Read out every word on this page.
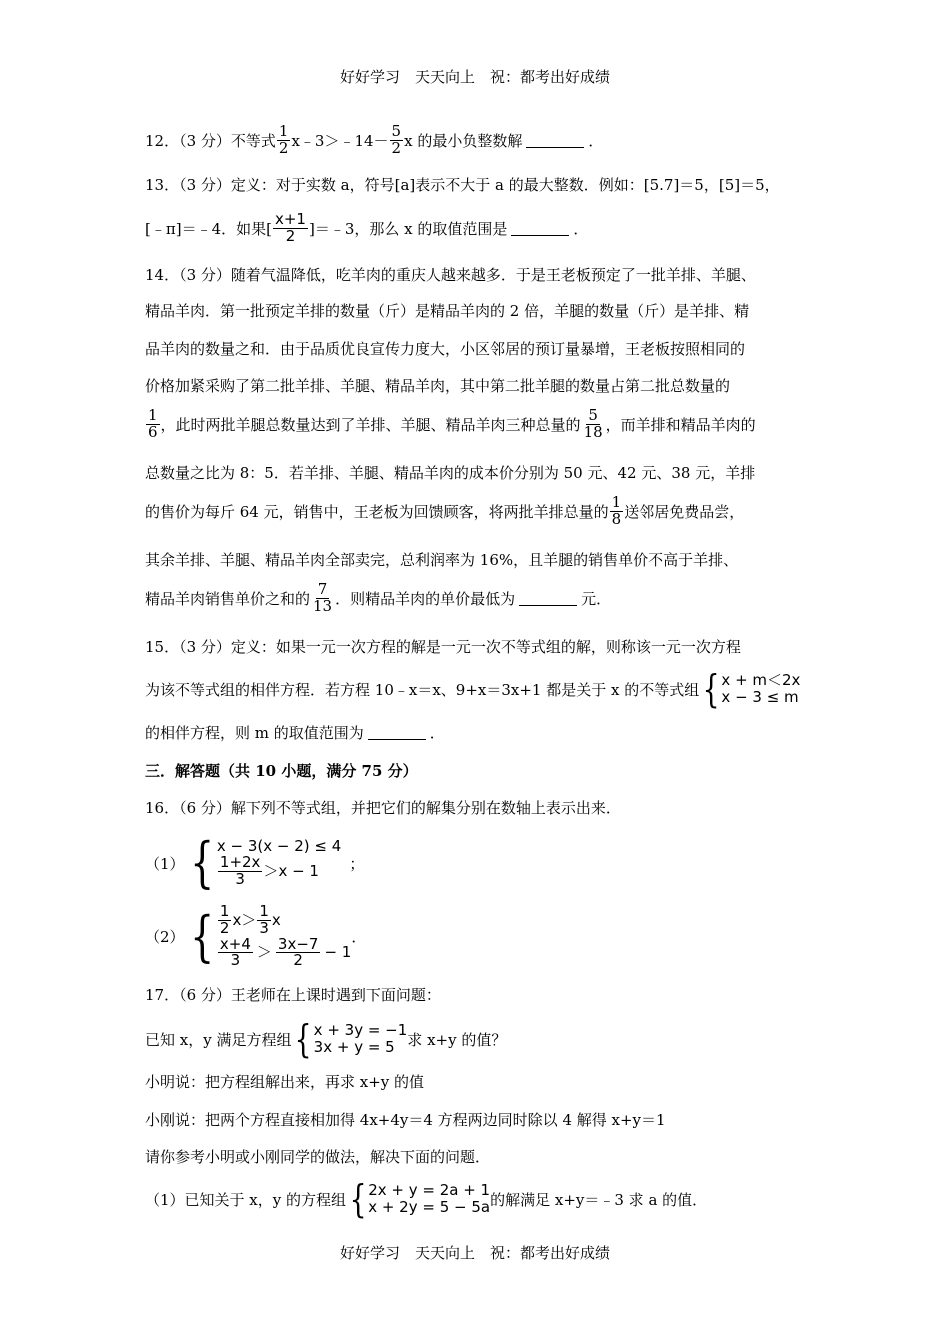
好好学习　天天向上　祝：都考出好成绩
12．（3 分）不等式 $\frac{1}{2}$ x﹣3＞﹣14－ $\frac{5}{2}$ x 的最小负整数解	．
13．（3 分）定义：对于实数 a，符号[a]表示不大于 a 的最大整数．例如：[5.7]＝5，[5]＝5，
[﹣π]＝﹣4．如果[ $\frac{x+1}{2}$ ]＝﹣3，那么 x 的取值范围是	．
14．（3 分）随着气温降低，吃羊肉的重庆人越来越多．于是王老板预定了一批羊排、羊腿、
精品羊肉．第一批预定羊排的数量（斤）是精品羊肉的 2 倍，羊腿的数量（斤）是羊排、精
品羊肉的数量之和．由于品质优良宣传力度大，小区邻居的预订量暴增，王老板按照相同的
价格加紧采购了第二批羊排、羊腿、精品羊肉，其中第二批羊腿的数量占第二批总数量的
$\frac{1}{6}$ ，此时两批羊腿总数量达到了羊排、羊腿、精品羊肉三种总量的 $\frac{5}{18}$ ，而羊排和精品羊肉的
总数量之比为 8：5．若羊排、羊腿、精品羊肉的成本价分别为 50 元、42 元、38 元，羊排
的售价为每斤 64 元，销售中，王老板为回馈顾客，将两批羊排总量的 $\frac{1}{8}$ 送邻居免费品尝，
其余羊排、羊腿、精品羊肉全部卖完，总利润率为 16%，且羊腿的销售单价不高于羊排、
精品羊肉销售单价之和的 $\frac{7}{13}$ ．则精品羊肉的单价最低为	元．
15．（3 分）定义：如果一元一次方程的解是一元一次不等式组的解，则称该一元一次方程
为该不等式组的相伴方程．若方程 10﹣x＝x、9+x＝3x+1 都是关于 x 的不等式组 { x + m＜2x
x − 3 ≤ m
的相伴方程，则 m 的取值范围为	．
三．解答题（共 10 小题，满分 75 分）
16．（6 分）解下列不等式组，并把它们的解集分别在数轴上表示出来．
（1） { x − 3(x − 2) ≤ 4
$\frac{1+2x}{3} >x - 1$ ；
（2） { $\frac{1}{2} x> \frac{1}{3}$ x
$\frac{x+4}{3} > \frac{3x-7}{2} - 1$
．
17．（6 分）王老师在上课时遇到下面问题：
已知 x，y 满足方程组 { x + 3y = −1
3x + y = 5 求 x+y 的值？
小明说：把方程组解出来，再求 x+y 的值
小刚说：把两个方程直接相加得 4x+4y＝4 方程两边同时除以 4 解得 x+y＝1
请你参考小明或小刚同学的做法，解决下面的问题．
（1）已知关于 x，y 的方程组 { 2x + y = 2a + 1
x + 2y = 5 − 5a 的解满足 x+y＝﹣3 求 a 的值．
好好学习　天天向上　祝：都考出好成绩
